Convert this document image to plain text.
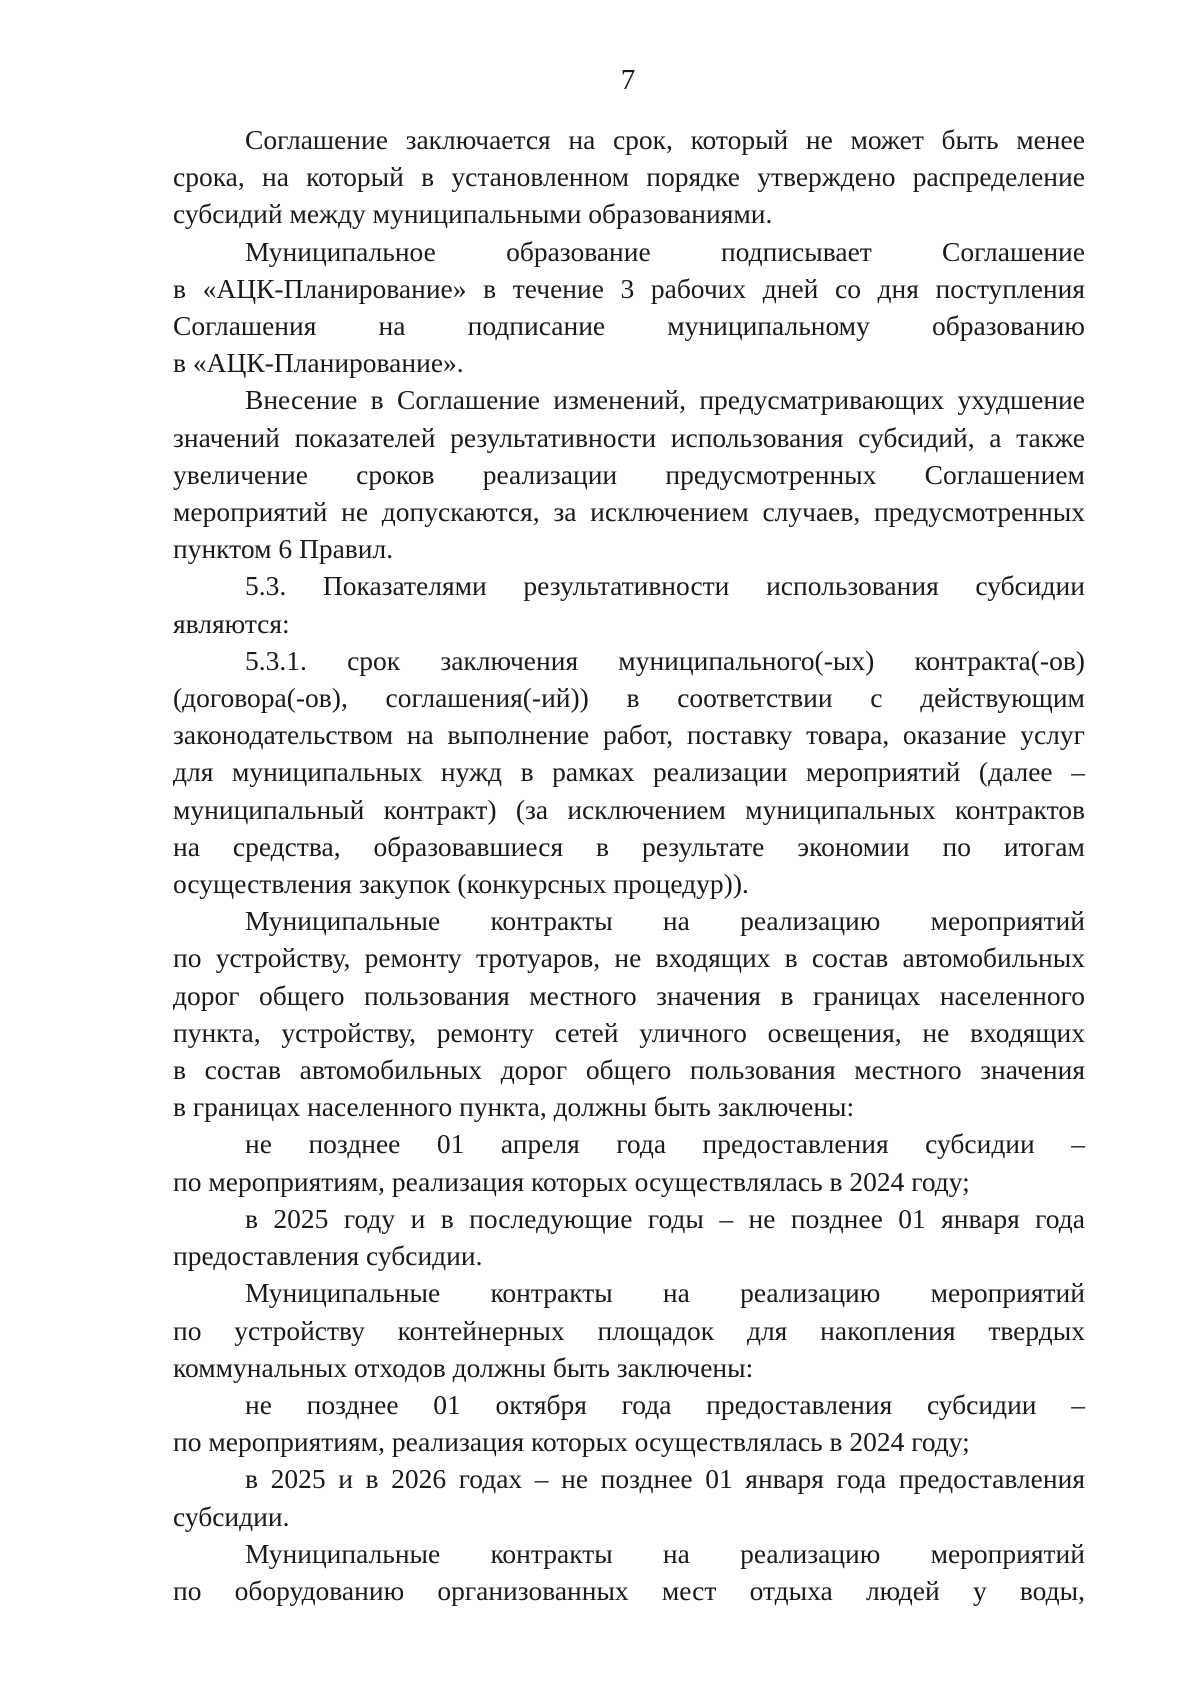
7
Соглашение заключается на срок, который не может быть менее
срока, на который в установленном порядке утверждено распределение
субсидий между муниципальными образованиями.
Муниципальное	образование	подписывает	Соглашение
в «АЦК-Планирование» в течение 3 рабочих дней со дня поступления
Соглашения на подписание муниципальному образованию
в «АЦК-Планирование».
Внесение в Соглашение изменений, предусматривающих ухудшение
значений показателей результативности использования субсидий, а также
увеличение сроков реализации предусмотренных Соглашением
мероприятий не допускаются, за исключением случаев, предусмотренных
пунктом 6 Правил.
5.3. Показателями результативности использования субсидии
являются:
5.3.1. срок заключения муниципального(-ых) контракта(-ов)
(договора(-ов), соглашения(-ий)) в соответствии с действующим
законодательством на выполнение работ, поставку товара, оказание услуг
для муниципальных нужд в рамках реализации мероприятий (далее –
муниципальный контракт) (за исключением муниципальных контрактов
на средства, образовавшиеся в результате экономии по итогам
осуществления закупок (конкурсных процедур)).
Муниципальные контракты на реализацию мероприятий
по устройству, ремонту тротуаров, не входящих в состав автомобильных
дорог общего пользования местного значения в границах населенного
пункта, устройству, ремонту сетей уличного освещения, не входящих
в состав автомобильных дорог общего пользования местного значения
в границах населенного пункта, должны быть заключены:
не позднее 01 апреля года предоставления субсидии –
по мероприятиям, реализация которых осуществлялась в 2024 году;
в 2025 году и в последующие годы – не позднее 01 января года
предоставления субсидии.
Муниципальные контракты на реализацию мероприятий
по устройству контейнерных площадок для накопления твердых
коммунальных отходов должны быть заключены:
не позднее 01 октября года предоставления субсидии –
по мероприятиям, реализация которых осуществлялась в 2024 году;
в 2025 и в 2026 годах – не позднее 01 января года предоставления
субсидии.
Муниципальные контракты на реализацию мероприятий
по оборудованию организованных мест отдыха людей у воды,
